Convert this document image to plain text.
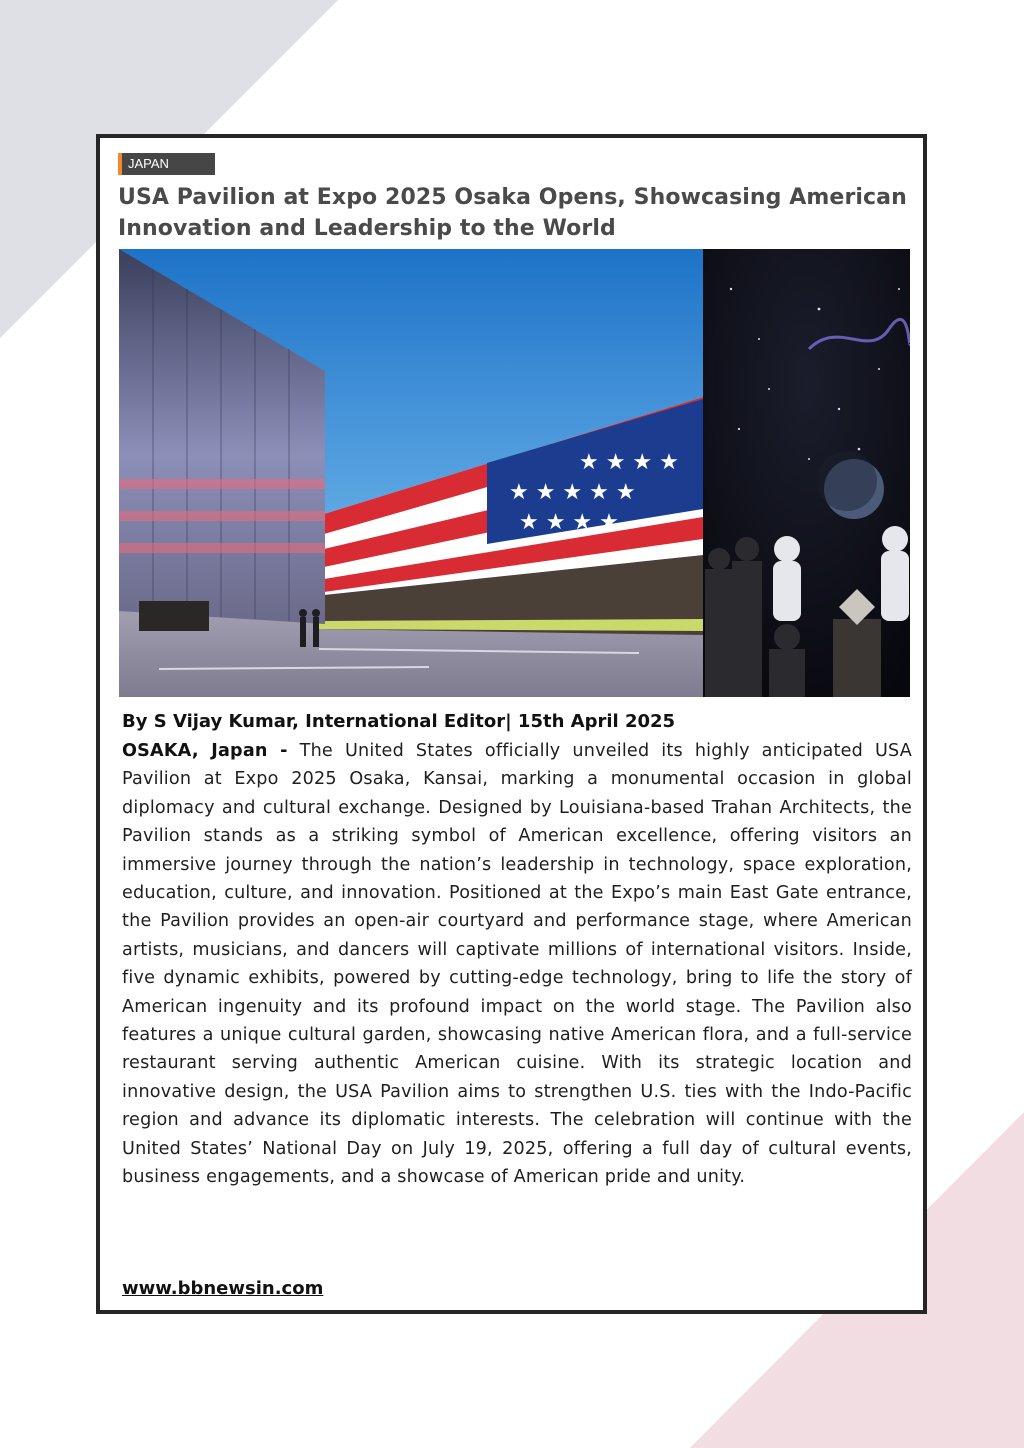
JAPAN
USA Pavilion at Expo 2025 Osaka Opens, Showcasing American Innovation and Leadership to the World
★ ★ ★ ★ ★
★ ★ ★ ★
★ ★ ★ ★
By S Vijay Kumar, International Editor| 15th April 2025
OSAKA, Japan - The United States officially unveiled its highly anticipated USA Pavilion at Expo 2025 Osaka, Kansai, marking a monumental occasion in global diplomacy and cultural exchange. Designed by Louisiana-based Trahan Architects, the Pavilion stands as a striking symbol of American excellence, offering visitors an immersive journey through the nation’s leadership in technology, space exploration, education, culture, and innovation. Positioned at the Expo’s main East Gate entrance, the Pavilion provides an open-air courtyard and performance stage, where American artists, musicians, and dancers will captivate millions of international visitors. Inside, five dynamic exhibits, powered by cutting-edge technology, bring to life the story of American ingenuity and its profound impact on the world stage. The Pavilion also features a unique cultural garden, showcasing native American flora, and a full-service restaurant serving authentic American cuisine. With its strategic location and innovative design, the USA Pavilion aims to strengthen U.S. ties with the Indo-Pacific region and advance its diplomatic interests. The celebration will continue with the United States’ National Day on July 19, 2025, offering a full day of cultural events, business engagements, and a showcase of American pride and unity.
www.bbnewsin.com
